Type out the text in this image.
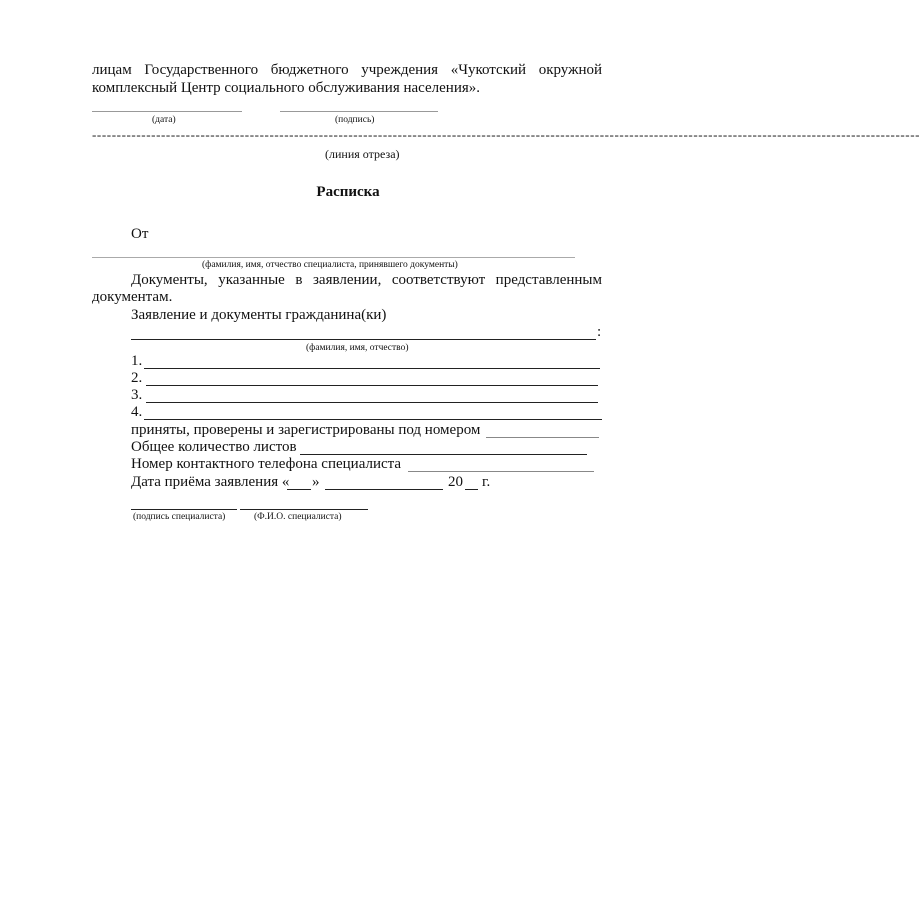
лицам Государственного бюджетного учреждения «Чукотский окружной
комплексный Центр социального обслуживания населения».
(дата)	(подпись)
------------------------------------------------------------------------------------------------------------------------------------------------------------------------
(линия отреза)
Расписка
От
(фамилия, имя, отчество специалиста, принявшего документы)
Документы, указанные в заявлении, соответствуют представленным
документам.
Заявление и документы гражданина(ки)
:
(фамилия, имя, отчество)
1.
2.
3.
4.
приняты, проверены и зарегистрированы под номером
Общее количество листов
Номер контактного телефона специалиста
Дата приёма заявления « »	20 г.
(подпись специалиста)	(Ф.И.О. специалиста)
